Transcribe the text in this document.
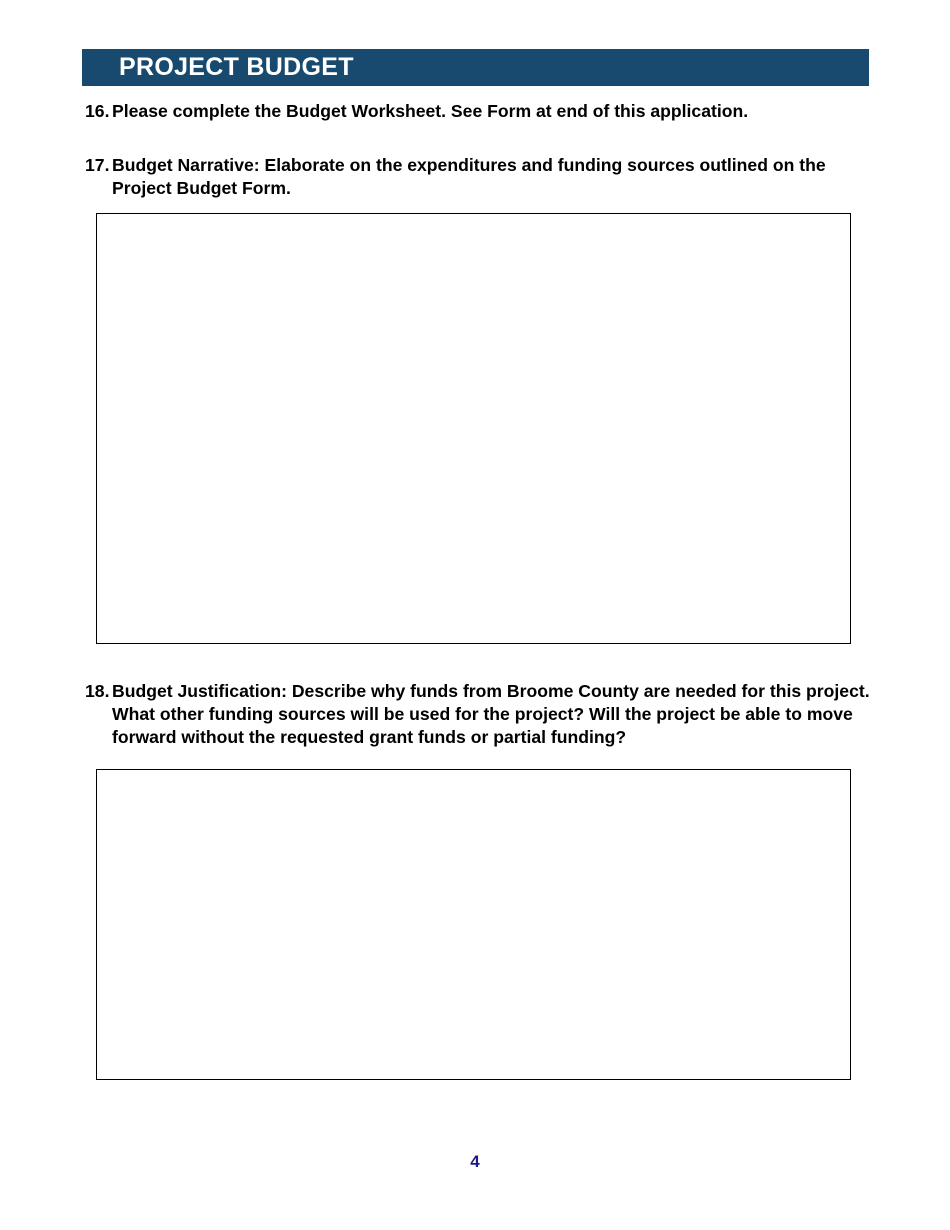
PROJECT BUDGET
16. Please complete the Budget Worksheet. See Form at end of this application.
17. Budget Narrative: Elaborate on the expenditures and funding sources outlined on the Project Budget Form.
18. Budget Justification: Describe why funds from Broome County are needed for this project. What other funding sources will be used for the project? Will the project be able to move forward without the requested grant funds or partial funding?
4
